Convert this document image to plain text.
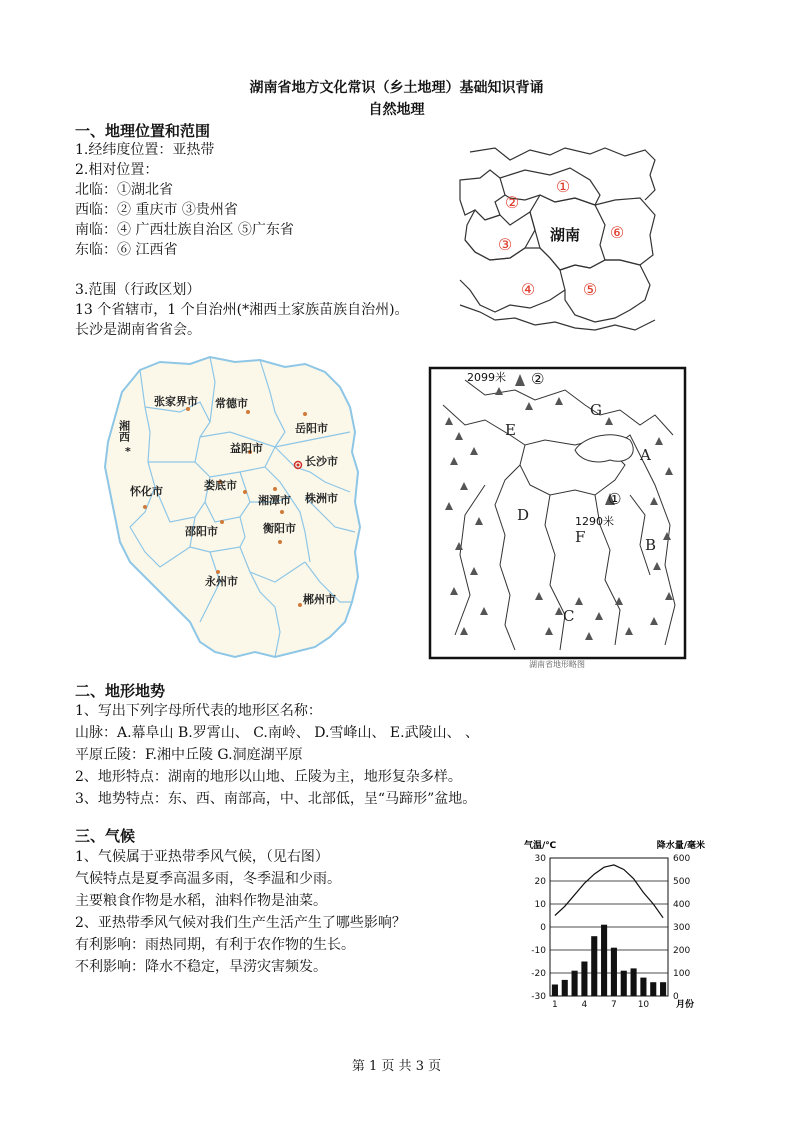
湖南省地方文化常识（乡土地理）基础知识背诵
自然地理
一、地理位置和范围
1.经纬度位置：亚热带
2.相对位置：
北临：①湖北省
西临：② 重庆市 ③贵州省
南临：④ 广西壮族自治区 ⑤广东省
东临：⑥ 江西省
3.范围（行政区划）
13 个省辖市，1 个自治州(*湘西土家族苗族自治州)。
长沙是湖南省省会。
①
②
③
④	⑤
⑥
湖南
张家界市 常德市
岳阳市
益阳市
长沙市
娄底市
湘潭市 株洲市
怀化市
邵阳市	衡阳市
永州市
郴州市
湘西
*
2099米 ②
1290米
①
G
E
A
D
F	B
C
湖南省地形略图
二、地形地势
1、写出下列字母所代表的地形区名称：
山脉：A.幕阜山 B.罗霄山、 C.南岭、 D.雪峰山、 E.武陵山、 、
平原丘陵：F.湘中丘陵 G.洞庭湖平原
2、地形特点：湖南的地形以山地、丘陵为主，地形复杂多样。
3、地势特点：东、西、南部高，中、北部低，呈“马蹄形”盆地。
三、气候
1、气候属于亚热带季风气候，（见右图）
气候特点是夏季高温多雨，冬季温和少雨。
主要粮食作物是水稻，油料作物是油菜。
2、亚热带季风气候对我们生产生活产生了哪些影响？
有利影响：雨热同期，有利于农作物的生长。
不利影响：降水不稳定，旱涝灾害频发。
气温/℃	降水量/毫米
30
20
10
0
-10
-20
-30
600
500
400
300
200
100
0
1	4	7 10	月份
第 1 页 共 3 页
